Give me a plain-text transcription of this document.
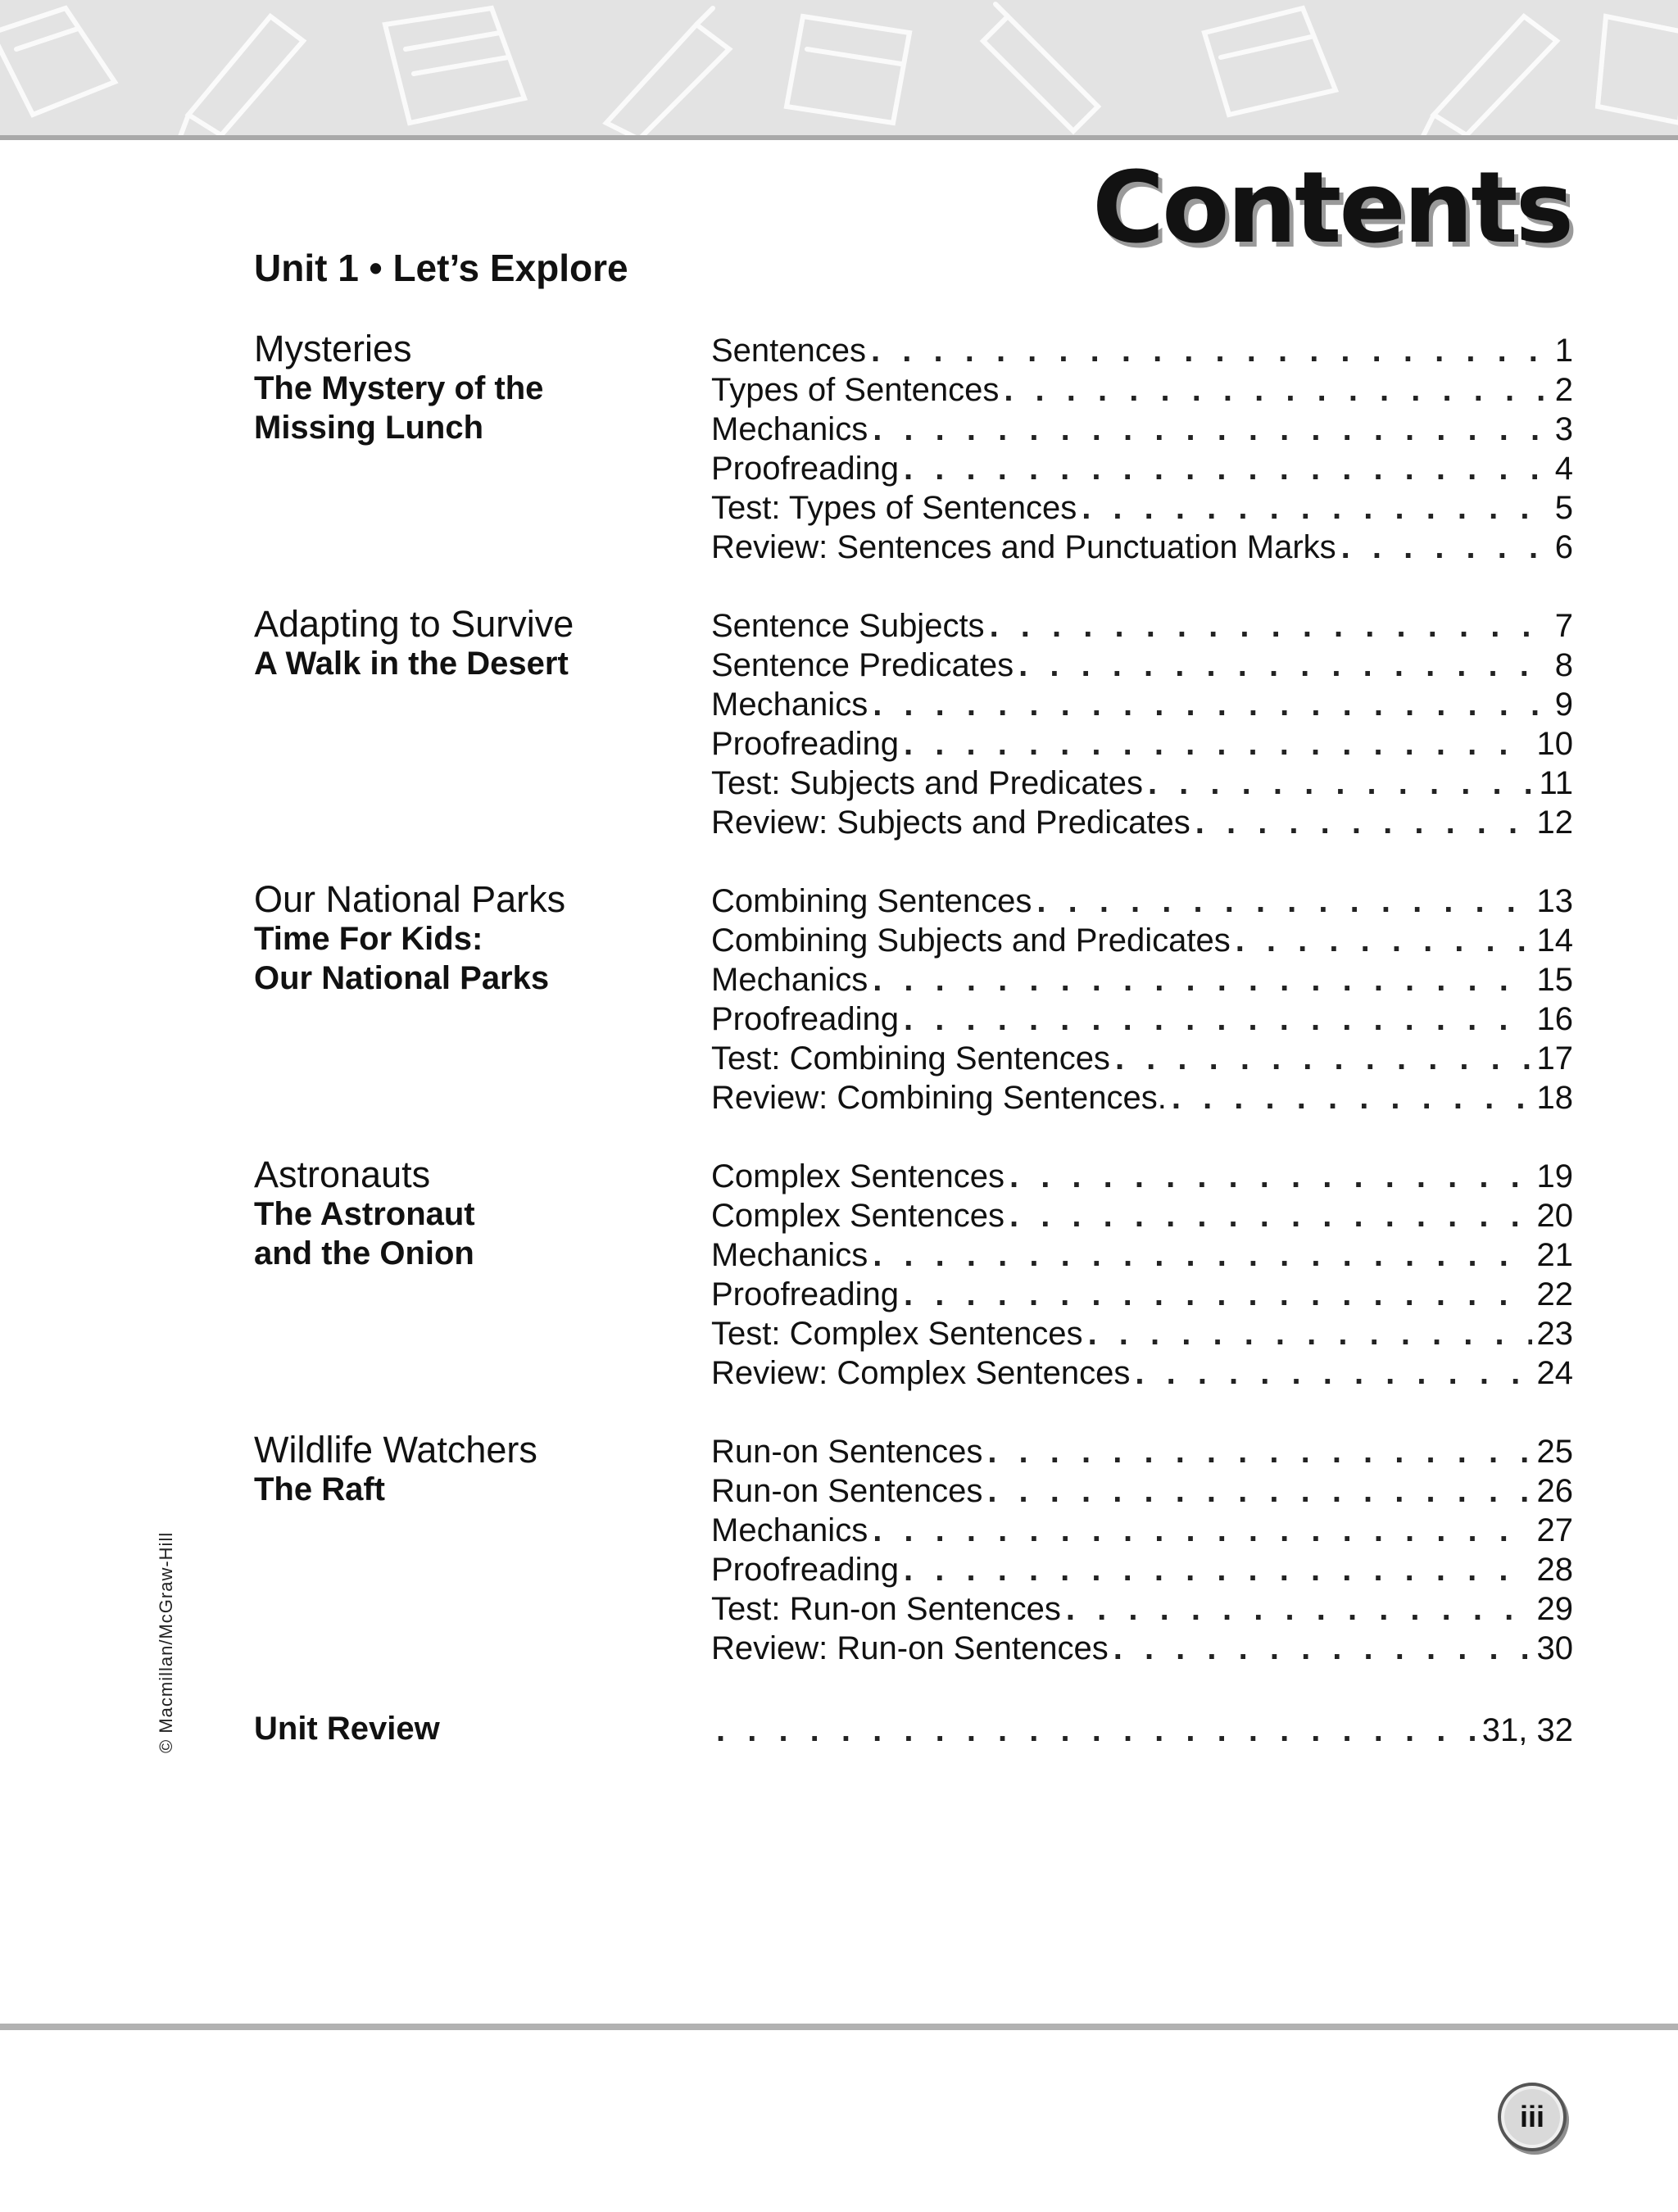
Contents
Unit 1 • Let’s Explore
Mysteries
The Mystery of the
Missing Lunch
Sentences . . .	1
Types of Sentences . . .	2
Mechanics . . .	3
Proofreading . . .	4
Test: Types of Sentences . . .	5
Review: Sentences and Punctuation Marks . . .	6
Adapting to Survive
A Walk in the Desert
Sentence Subjects . . .	7
Sentence Predicates . . .	8
Mechanics . . .	9
Proofreading . . .	10
Test: Subjects and Predicates . . .	11
Review: Subjects and Predicates . . .	12
Our National Parks
Time For Kids:
Our National Parks
Combining Sentences . . .	13
Combining Subjects and Predicates . . .	14
Mechanics . . .	15
Proofreading . . .	16
Test: Combining Sentences . . .	17
Review: Combining Sentences. . . .	18
Astronauts
The Astronaut
and the Onion
Complex Sentences . . .	19
Complex Sentences . . .	20
Mechanics . . .	21
Proofreading . . .	22
Test: Complex Sentences . . .	23
Review: Complex Sentences . . .	24
Wildlife Watchers
The Raft
Run-on Sentences . . .	25
Run-on Sentences . . .	26
Mechanics . . .	27
Proofreading . . .	28
Test: Run-on Sentences . . .	29
Review: Run-on Sentences . . .	30
Unit Review . . .	31, 32
© Macmillan/McGraw-Hill
iii
